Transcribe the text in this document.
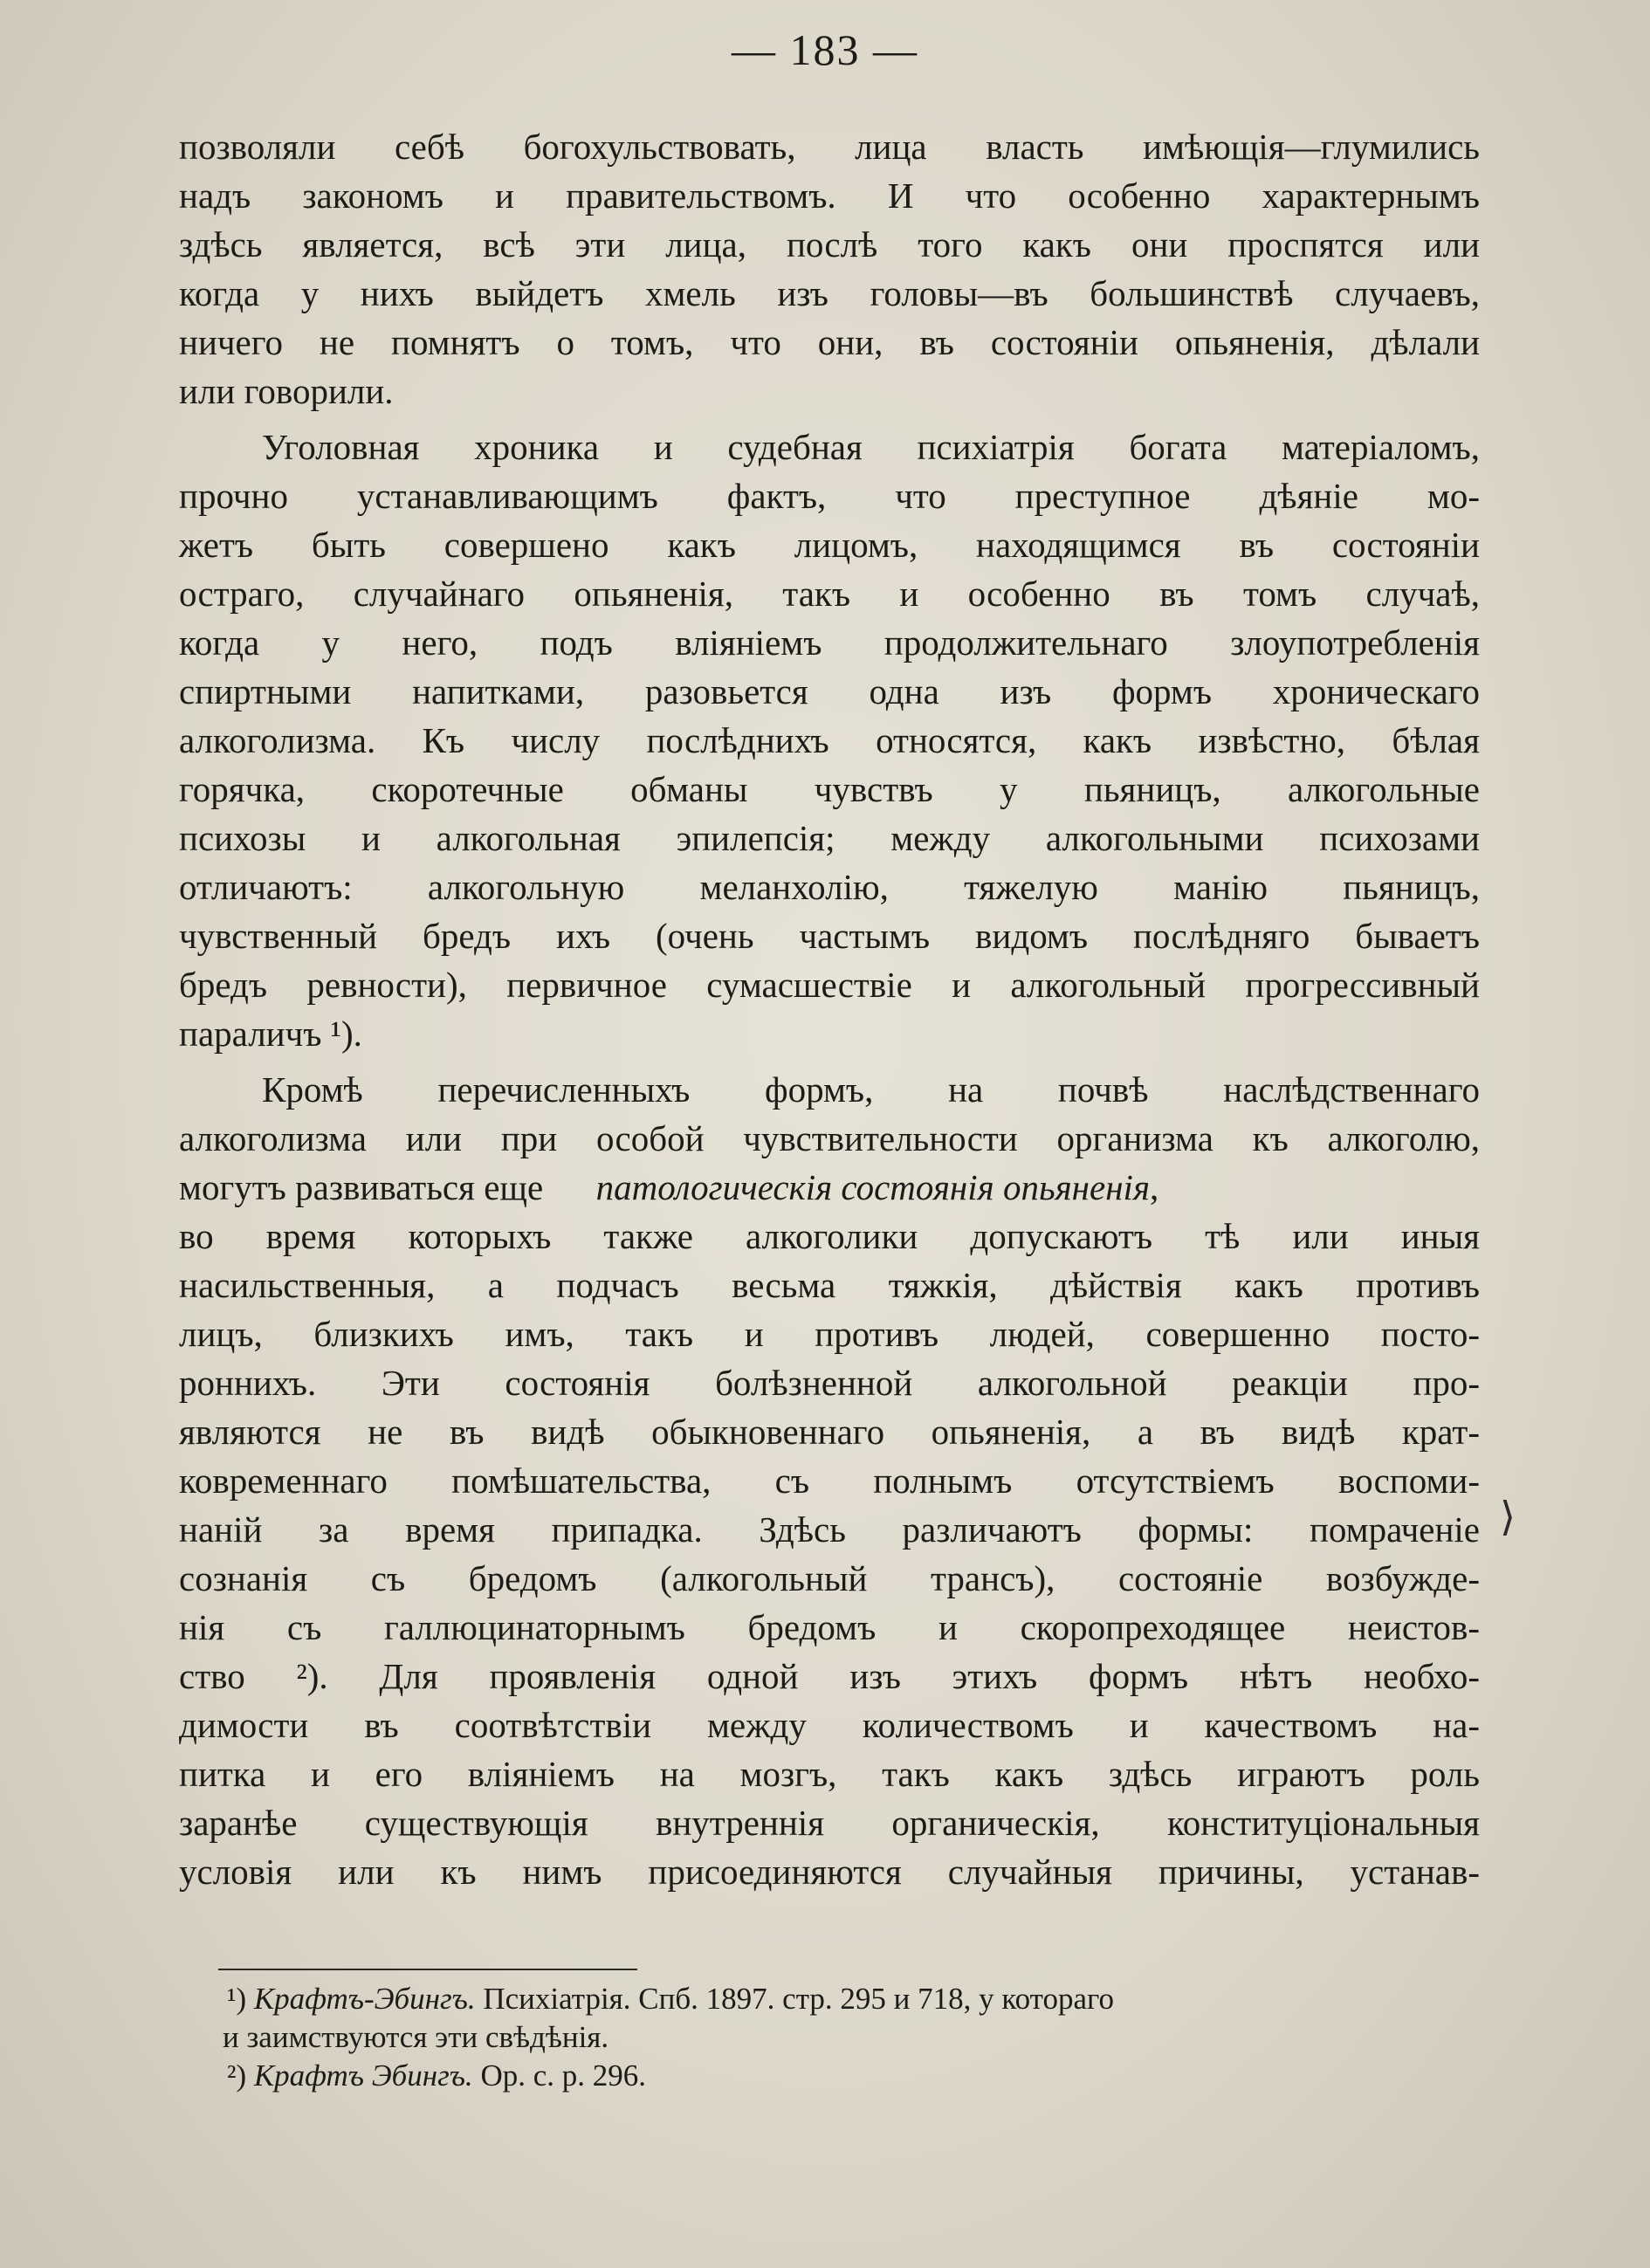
— 183 —
позволяли себѣ богохульствовать, лица власть имѣющія—глумились
надъ закономъ и правительствомъ. И что особенно характернымъ
здѣсь является, всѣ эти лица, послѣ того какъ они проспятся или
когда у нихъ выйдетъ хмель изъ головы—въ большинствѣ случаевъ,
ничего не помнятъ о томъ, что они, въ состояніи опьяненія, дѣлали
или говорили.
Уголовная хроника и судебная психіатрія богата матеріаломъ,
прочно устанавливающимъ фактъ, что преступное дѣяніе мо-
жетъ быть совершено какъ лицомъ, находящимся въ состояніи
остраго, случайнаго опьяненія, такъ и особенно въ томъ случаѣ,
когда у него, подъ вліяніемъ продолжительнаго злоупотребленія
спиртными напитками, разовьется одна изъ формъ хроническаго
алкоголизма. Къ числу послѣднихъ относятся, какъ извѣстно, бѣлая
горячка, скоротечные обманы чувствъ у пьяницъ, алкогольные
психозы и алкогольная эпилепсія; между алкогольными психозами
отличаютъ: алкогольную меланхолію, тяжелую манію пьяницъ,
чувственный бредъ ихъ (очень частымъ видомъ послѣдняго бываетъ
бредъ ревности), первичное сумасшествіе и алкогольный прогрессивный
параличъ ¹).
Кромѣ перечисленныхъ формъ, на почвѣ наслѣдственнаго
алкоголизма или при особой чувствительности организма къ алкоголю,
могутъ развиваться еще патологическія состоянія опьяненія,
во время которыхъ также алкоголики допускаютъ тѣ или иныя
насильственныя, а подчасъ весьма тяжкія, дѣйствія какъ противъ
лицъ, близкихъ имъ, такъ и противъ людей, совершенно посто-
роннихъ. Эти состоянія болѣзненной алкогольной реакціи про-
являются не въ видѣ обыкновеннаго опьяненія, а въ видѣ крат-
ковременнаго помѣшательства, съ полнымъ отсутствіемъ воспоми-
наній за время припадка. Здѣсь различаютъ формы: помраченіе
сознанія съ бредомъ (алкогольный трансъ), состояніе возбужде-
нія съ галлюцинаторнымъ бредомъ и скоропреходящее неистов-
ство ²). Для проявленія одной изъ этихъ формъ нѣтъ необхо-
димости въ соотвѣтствіи между количествомъ и качествомъ на-
питка и его вліяніемъ на мозгъ, такъ какъ здѣсь играютъ роль
заранѣе существующія внутреннія органическія, конституціональныя
условія или къ нимъ присоединяются случайныя причины, устанав-
⟩
¹) Крафтъ-Эбингъ. Психіатрія. Спб. 1897. стр. 295 и 718, у котораго
и заимствуются эти свѣдѣнія.
²) Крафтъ Эбингъ. Op. c. p. 296.
